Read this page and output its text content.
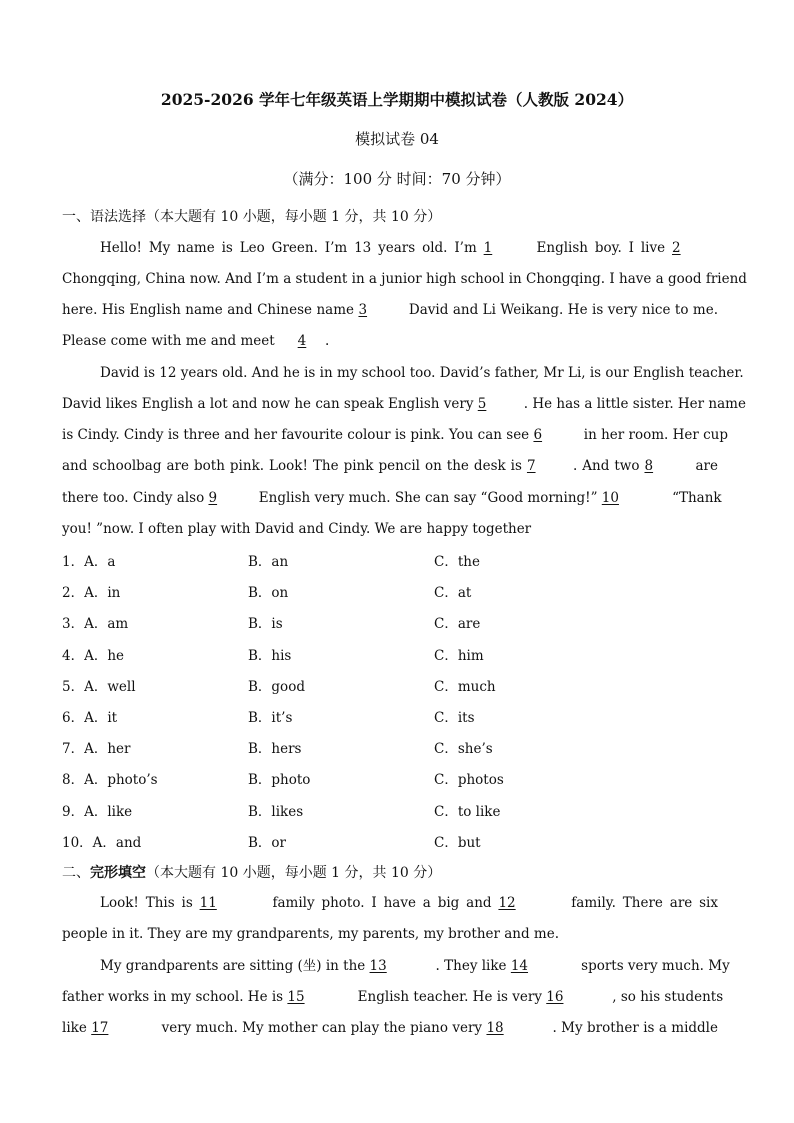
2025-2026 学年七年级英语上学期期中模拟试卷（人教版 2024）
模拟试卷 04
（满分：100 分 时间：70 分钟）
一、语法选择（本大题有 10 小题，每小题 1 分，共 10 分）
Hello! My name is Leo Green. I’m 13 years old. I’m 1	English boy. I live 2
Chongqing, China now. And I’m a student in a junior high school in Chongqing. I have a good friend
here. His English name and Chinese name 3	David and Li Weikang. He is very nice to me.
Please come with me and meet 4 .
David is 12 years old. And he is in my school too. David’s father, Mr Li, is our English teacher.
David likes English a lot and now he can speak English very 5	. He has a little sister. Her name
is Cindy. Cindy is three and her favourite colour is pink. You can see 6	in her room. Her cup
and schoolbag are both pink. Look! The pink pencil on the desk is 7	. And two 8	are
there too. Cindy also 9	English very much. She can say “Good morning!” 10	“Thank
you! ”now. I often play with David and Cindy. We are happy together
1．A．a	B．an	C．the
2．A．in	B．on	C．at
3．A．am	B．is	C．are
4．A．he	B．his	C．him
5．A．well	B．good	C．much
6．A．it	B．it’s	C．its
7．A．her	B．hers	C．she’s
8．A．photo’s	B．photo	C．photos
9．A．like	B．likes	C．to like
10．A．and	B．or	C．but
二、完形填空（本大题有 10 小题，每小题 1 分，共 10 分）
Look! This is 11	family photo. I have a big and 12	family. There are six
people in it. They are my grandparents, my parents, my brother and me.
My grandparents are sitting (坐) in the 13	. They like 14	sports very much. My
father works in my school. He is 15	English teacher. He is very 16	, so his students
like 17	very much. My mother can play the piano very 18	. My brother is a middle
